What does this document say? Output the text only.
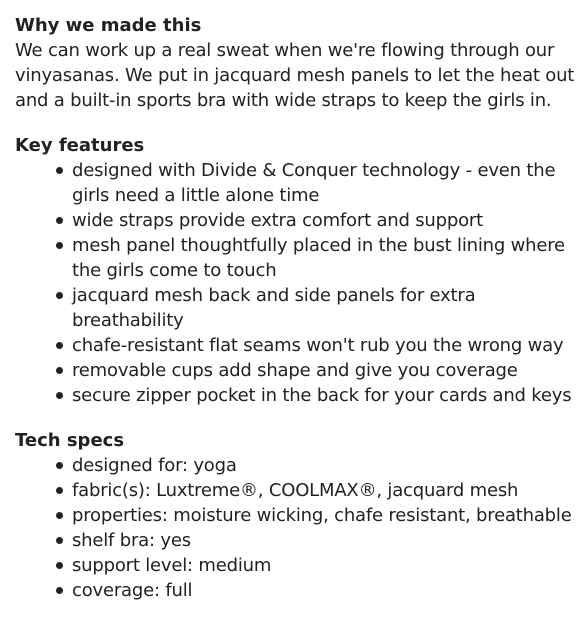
Why we made this

We can work up a real sweat when we're flowing through our vinyasanas. We put in jacquard mesh panels to let the heat out and a built-in sports bra with wide straps to keep the girls in.

Key features
designed with Divide & Conquer technology - even the girls need a little alone time
wide straps provide extra comfort and support
mesh panel thoughtfully placed in the bust lining where the girls come to touch
jacquard mesh back and side panels for extra breathability
chafe-resistant flat seams won't rub you the wrong way
removable cups add shape and give you coverage
secure zipper pocket in the back for your cards and keys
Tech specs
designed for: yoga
fabric(s): Luxtreme®, COOLMAX®, jacquard mesh
properties: moisture wicking, chafe resistant, breathable
shelf bra: yes
support level: medium
coverage: full
